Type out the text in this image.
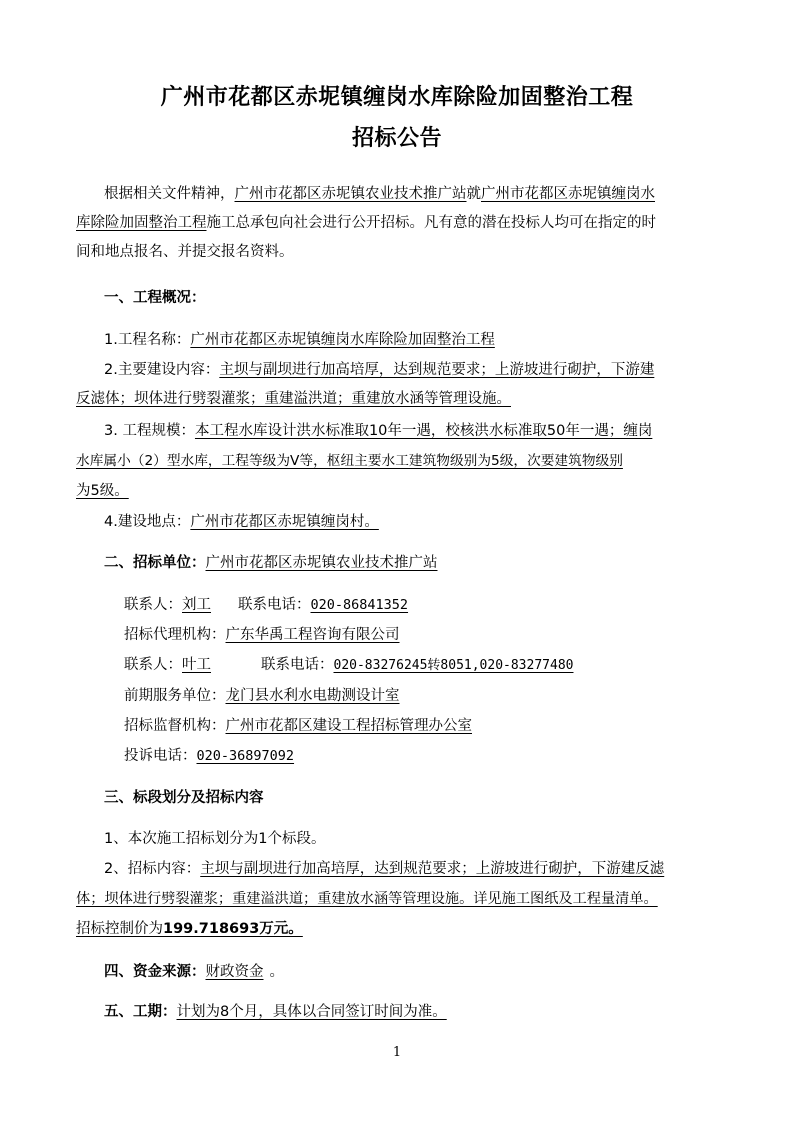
广州市花都区赤坭镇缠岗水库除险加固整治工程
招标公告
根据相关文件精神，广州市花都区赤坭镇农业技术推广站就广州市花都区赤坭镇缠岗水
库除险加固整治工程施工总承包向社会进行公开招标。凡有意的潜在投标人均可在指定的时
间和地点报名、并提交报名资料。
一、工程概况：
1.工程名称：广州市花都区赤坭镇缠岗水库除险加固整治工程
2.主要建设内容：主坝与副坝进行加高培厚，达到规范要求；上游坡进行砌护，下游建
反滤体；坝体进行劈裂灌浆；重建溢洪道；重建放水涵等管理设施。
3. 工程规模：本工程水库设计洪水标准取10年一遇，校核洪水标准取50年一遇；缠岗
水库属小（2）型水库，工程等级为Ⅴ等，枢纽主要水工建筑物级别为5级，次要建筑物级别
为5级。
4.建设地点：广州市花都区赤坭镇缠岗村。
二、招标单位：广州市花都区赤坭镇农业技术推广站
联系人：刘工 联系电话：020-86841352
招标代理机构：广东华禹工程咨询有限公司
联系人：叶工	联系电话：020-83276245转8051,020-83277480
前期服务单位：龙门县水利水电勘测设计室
招标监督机构：广州市花都区建设工程招标管理办公室
投诉电话：020-36897092
三、标段划分及招标内容
1、本次施工招标划分为1个标段。
2、招标内容：主坝与副坝进行加高培厚，达到规范要求；上游坡进行砌护，下游建反滤
体；坝体进行劈裂灌浆；重建溢洪道；重建放水涵等管理设施。详见施工图纸及工程量清单。
招标控制价为199.718693万元。
四、资金来源：财政资金 。
五、工期：计划为8个月，具体以合同签订时间为准。
1
